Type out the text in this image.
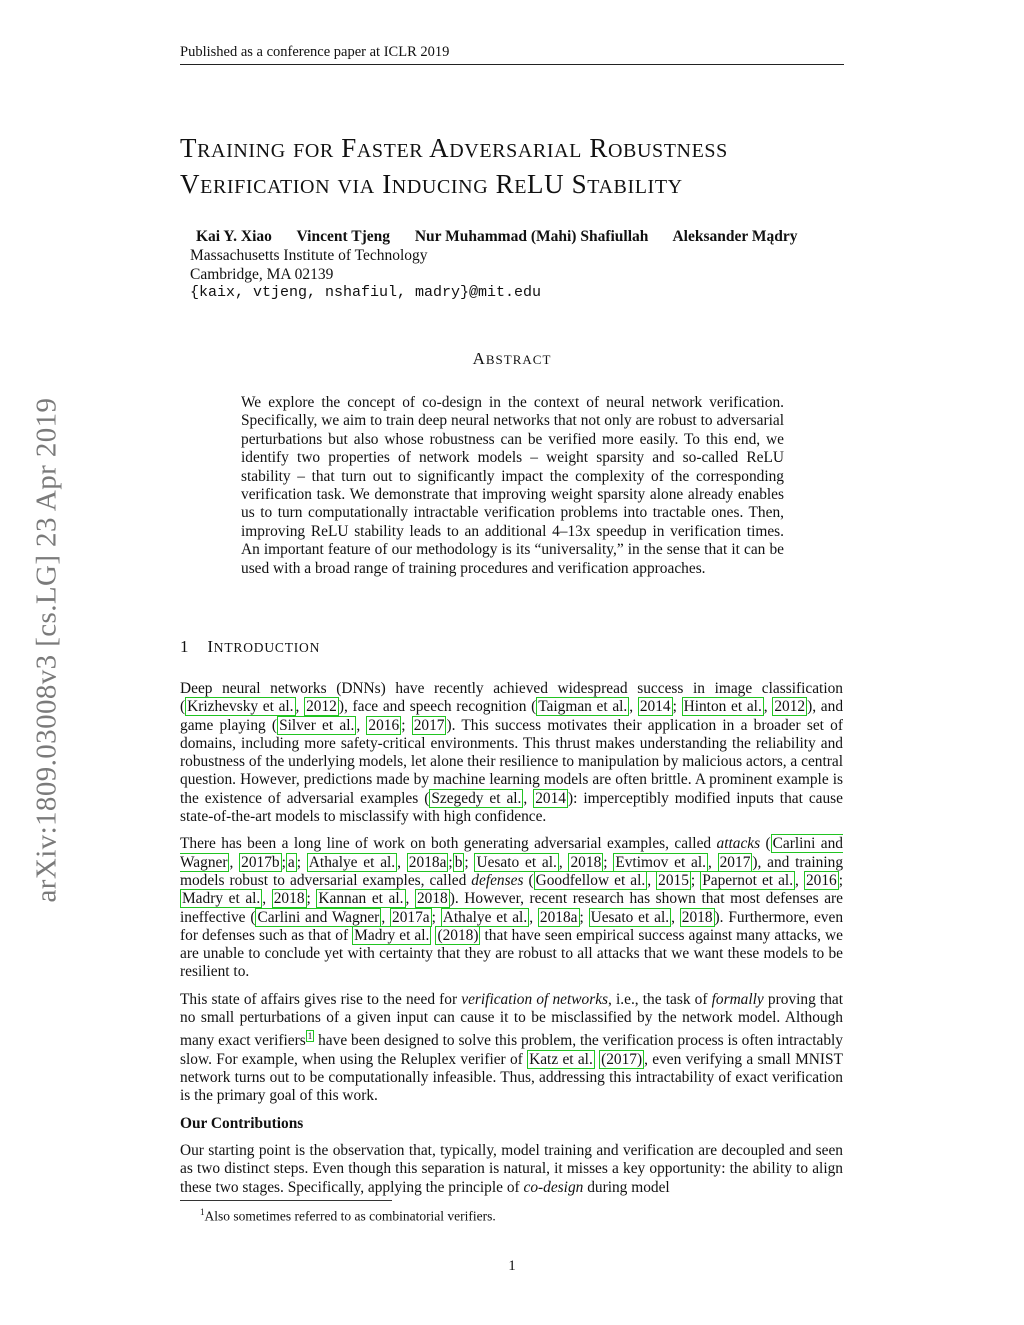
Published as a conference paper at ICLR 2019
arXiv:1809.03008v3 [cs.LG] 23 Apr 2019
TRAINING FOR FASTER ADVERSARIAL ROBUSTNESS
VERIFICATION VIA INDUCING RELU STABILITY
Kai Y. Xiao Vincent Tjeng Nur Muhammad (Mahi) Shafiullah Aleksander Mądry
Massachusetts Institute of Technology
Cambridge, MA 02139
{kaix, vtjeng, nshafiul, madry}@mit.edu
ABSTRACT
We explore the concept of co-design in the context of neural network verification. Specifically, we aim to train deep neural networks that not only are robust to adversarial perturbations but also whose robustness can be verified more easily. To this end, we identify two properties of network models – weight sparsity and so-called ReLU stability – that turn out to significantly impact the complexity of the corresponding verification task. We demonstrate that improving weight sparsity alone already enables us to turn computationally intractable verification problems into tractable ones. Then, improving ReLU stability leads to an additional 4–13x speedup in verification times. An important feature of our methodology is its “universality,” in the sense that it can be used with a broad range of training procedures and verification approaches.
1 INTRODUCTION

Deep neural networks (DNNs) have recently achieved widespread success in image classification ( Krizhevsky et al. , 2012 ), face and speech recognition ( Taigman et al. , 2014 ; Hinton et al. , 2012 ), and game playing ( Silver et al. , 2016 ; 2017 ). This success motivates their application in a broader set of domains, including more safety-critical environments. This thrust makes understanding the reliability and robustness of the underlying models, let alone their resilience to manipulation by malicious actors, a central question. However, predictions made by machine learning models are often brittle. A prominent example is the existence of adversarial examples ( Szegedy et al. , 2014 ): imperceptibly modified inputs that cause state-of-the-art models to misclassify with high confidence.

There has been a long line of work on both generating adversarial examples, called attacks ( Carlini and Wagner , 2017b ; a ; Athalye et al. , 2018a ; b ; Uesato et al. , 2018 ; Evtimov et al. , 2017 ), and training models robust to adversarial examples, called defenses ( Goodfellow et al. , 2015 ; Papernot et al. , 2016 ; Madry et al. , 2018 ; Kannan et al. , 2018 ). However, recent research has shown that most defenses are ineffective ( Carlini and Wagner , 2017a ; Athalye et al. , 2018a ; Uesato et al. , 2018 ). Furthermore, even for defenses such as that of Madry et al. (2018) that have seen empirical success against many attacks, we are unable to conclude yet with certainty that they are robust to all attacks that we want these models to be resilient to.

This state of affairs gives rise to the need for verification of networks, i.e., the task of formally proving that no small perturbations of a given input can cause it to be misclassified by the network model. Although many exact verifiers $^1$ have been designed to solve this problem, the verification process is often intractably slow. For example, when using the Reluplex verifier of Katz et al. (2017) , even verifying a small MNIST network turns out to be computationally infeasible. Thus, addressing this intractability of exact verification is the primary goal of this work.

Our Contributions

Our starting point is the observation that, typically, model training and verification are decoupled and seen as two distinct steps. Even though this separation is natural, it misses a key opportunity: the ability to align these two stages. Specifically, applying the principle of co-design during model

$^1$Also sometimes referred to as combinatorial verifiers.
1
